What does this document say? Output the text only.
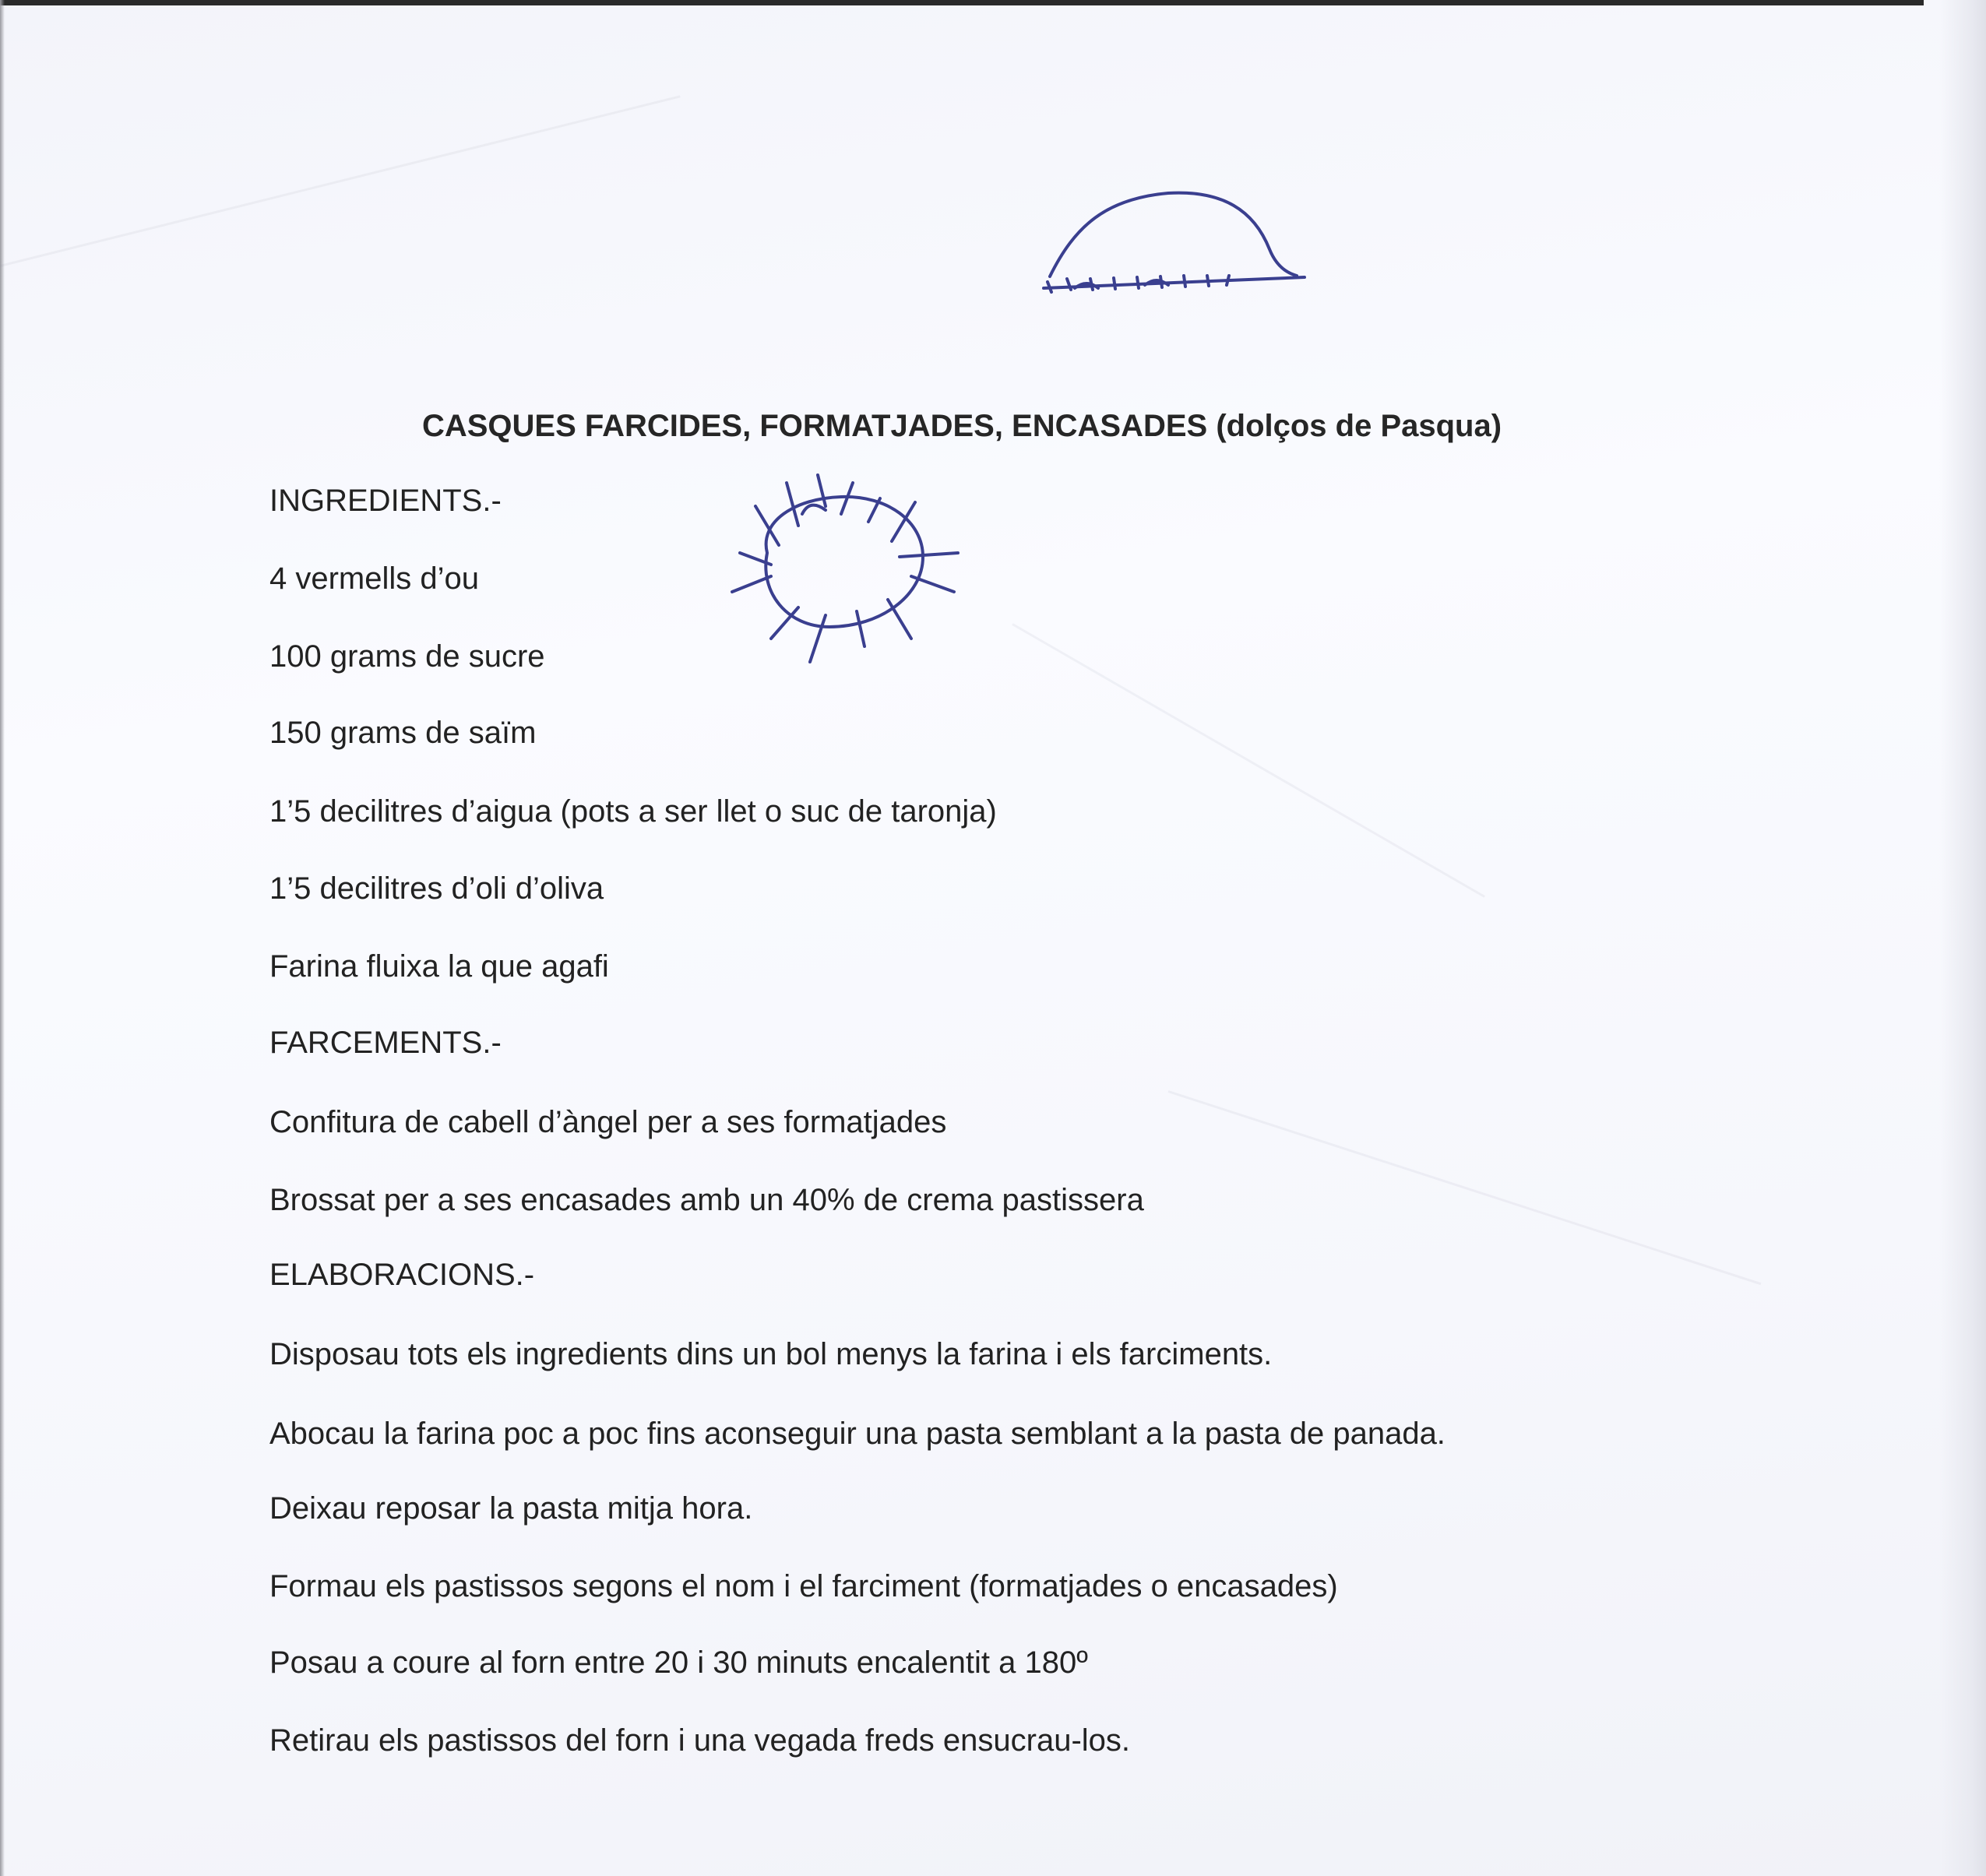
CASQUES FARCIDES, FORMATJADES, ENCASADES (dolços de Pasqua)
INGREDIENTS.-
4 vermells d’ou
100 grams de sucre
150 grams de saïm
1’5 decilitres d’aigua (pots a ser llet o suc de taronja)
1’5 decilitres d’oli d’oliva
Farina fluixa la que agafi
FARCEMENTS.-
Confitura de cabell d’àngel per a ses formatjades
Brossat per a ses encasades amb un 40% de crema pastissera
ELABORACIONS.-
Disposau tots els ingredients dins un bol menys la farina i els farciments.
Abocau la farina poc a poc fins aconseguir una pasta semblant a la pasta de panada.
Deixau reposar la pasta mitja hora.
Formau els pastissos segons el nom i el farciment (formatjades o encasades)
Posau a coure al forn entre 20 i 30 minuts encalentit a 180º
Retirau els pastissos del forn i una vegada freds ensucrau-los.
